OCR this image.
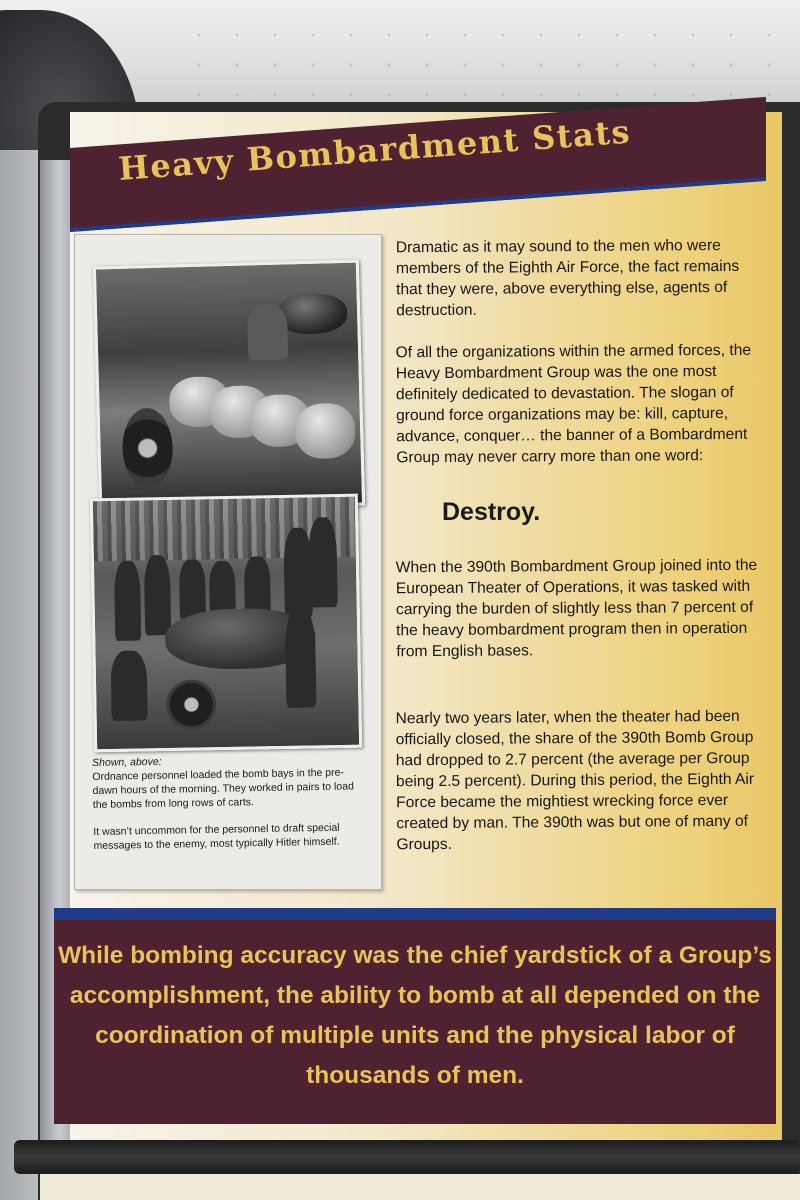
Heavy Bombardment Stats
Shown, above:
Ordnance personnel loaded the bomb bays in the pre-dawn hours of the morning. They worked in pairs to load the bombs from long rows of carts.
It wasn’t uncommon for the personnel to draft special messages to the enemy, most typically Hitler himself.
Dramatic as it may sound to the men who were members of the Eighth Air Force, the fact remains that they were, above everything else, agents of destruction.
Of all the organizations within the armed forces, the Heavy Bombardment Group was the one most definitely dedicated to devastation. The slogan of ground force organizations may be: kill, capture, advance, conquer… the banner of a Bombardment Group may never carry more than one word:
Destroy.
When the 390th Bombardment Group joined into the European Theater of Operations, it was tasked with carrying the burden of slightly less than 7 percent of the heavy bombardment program then in operation from English bases.
Nearly two years later, when the theater had been officially closed, the share of the 390th Bomb Group had dropped to 2.7 percent (the average per Group being 2.5 percent). During this period, the Eighth Air Force became the mightiest wrecking force ever created by man. The 390th was but one of many of Groups.
While bombing accuracy was the chief yardstick of a Group’s accomplishment, the ability to bomb at all depended on the coordination of multiple units and the physical labor of thousands of men.
